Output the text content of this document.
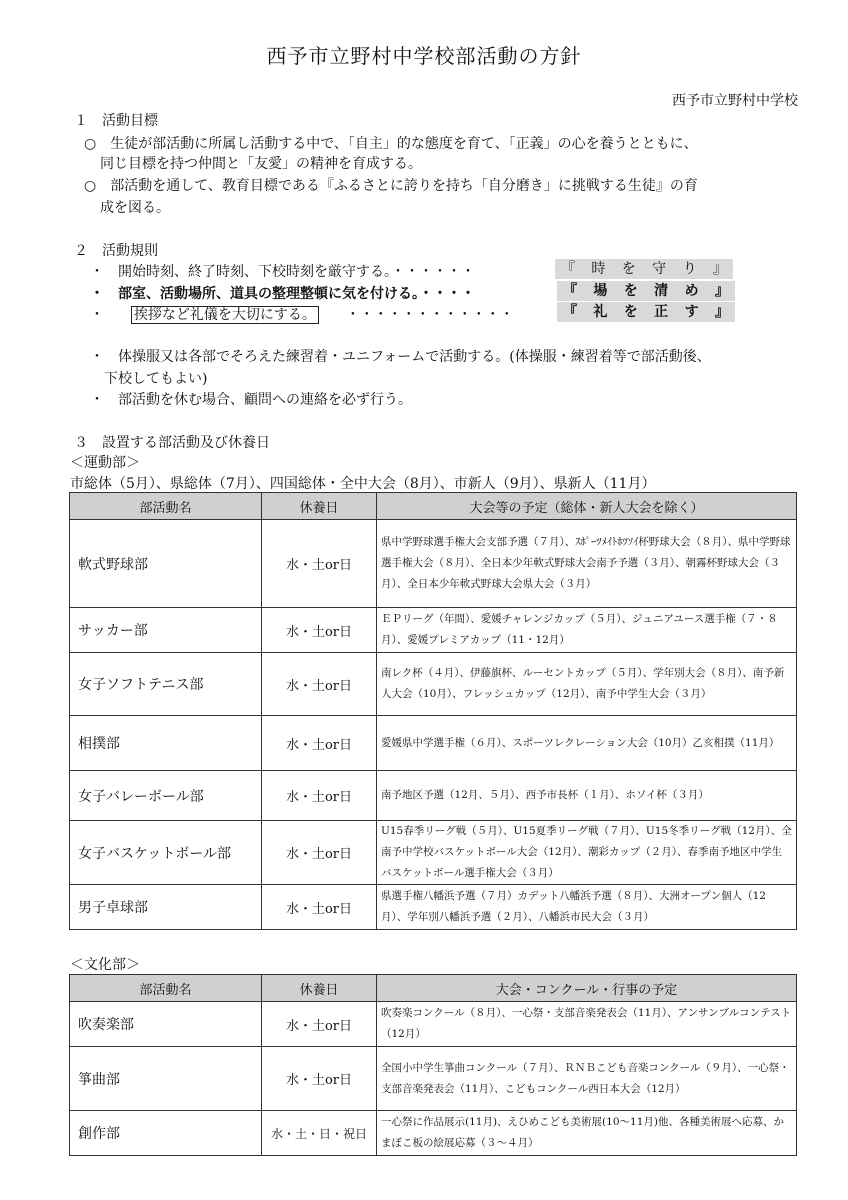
西予市立野村中学校部活動の方針
西予市立野村中学校
１　活動目標
○　生徒が部活動に所属し活動する中で、「自主」的な態度を育て、「正義」の心を養うとともに、
同じ目標を持つ仲間と「友愛」の精神を育成する。
○　部活動を通して、教育目標である『ふるさとに誇りを持ち「自分磨き」に挑戦する生徒』の育
成を図る。
２　活動規則
・　開始時刻、終了時刻、下校時刻を厳守する。・・・・・・
・　部室、活動場所、道具の整理整頓に気を付ける。・・・・
・ 挨拶など礼儀を大切にする。 ・・・・・・・・・・・・
『 時 を 守 り 』
『 場 を 清 め 』
『 礼 を 正 す 』
・　体操服又は各部でそろえた練習着・ユニフォームで活動する。(体操服・練習着等で部活動後、
下校してもよい)
・　部活動を休む場合、顧問への連絡を必ず行う。
３　設置する部活動及び休養日
＜運動部＞
市総体（5月）、県総体（7月）、四国総体・全中大会（8月）、市新人（9月）、県新人（11月）
部活動名	休養日	大会等の予定（総体・新人大会を除く）
軟式野球部	水・土or日	県中学野球選手権大会支部予選（７月）、ｽﾎﾟｰﾂﾒｲﾄﾎﾂｿｲ杯野球大会（８月）、県中学野球選手権大会（８月）、全日本少年軟式野球大会南予予選（３月）、朝霧杯野球大会（３月）、全日本少年軟式野球大会県大会（３月）
サッカー部	水・土or日	ＥＰリーグ（年間）、愛媛チャレンジカップ（５月）、ジュニアユース選手権（７・８月）、愛媛プレミアカップ（11・12月）
女子ソフトテニス部	水・土or日	南レク杯（４月）、伊藤旗杯、ルーセントカップ（５月）、学年別大会（８月）、南予新人大会（10月）、フレッシュカップ（12月）、南予中学生大会（３月）
相撲部	水・土or日	愛媛県中学選手権（６月）、スポーツレクレーション大会（10月）乙亥相撲（11月）
女子バレーボール部	水・土or日	南予地区予選（12月、５月）、西予市長杯（１月）、ホソイ杯（３月）
女子バスケットボール部	水・土or日	U15春季リーグ戦（５月）、U15夏季リーグ戦（７月）、U15冬季リーグ戦（12月）、全南予中学校バスケットボール大会（12月）、潮彩カップ（２月）、春季南予地区中学生バスケットボール選手権大会（３月）
男子卓球部	水・土or日	県選手権八幡浜予選（７月）カデット八幡浜予選（８月）、大洲オープン個人（12月）、学年別八幡浜予選（２月）、八幡浜市民大会（３月）
＜文化部＞
部活動名	休養日	大会・コンクール・行事の予定
吹奏楽部	水・土or日	吹奏楽コンクール（８月）、一心祭・支部音楽発表会（11月）、アンサンブルコンテスト（12月）
箏曲部	水・土or日	全国小中学生箏曲コンクール（７月）、ＲＮＢこども音楽コンクール（９月）、一心祭・支部音楽発表会（11月）、こどもコンクール西日本大会（12月）
創作部	水・土・日・祝日	一心祭に作品展示(11月)、えひめこども美術展(10～11月)他、各種美術展へ応募、かまぼこ板の絵展応募（３～４月）
